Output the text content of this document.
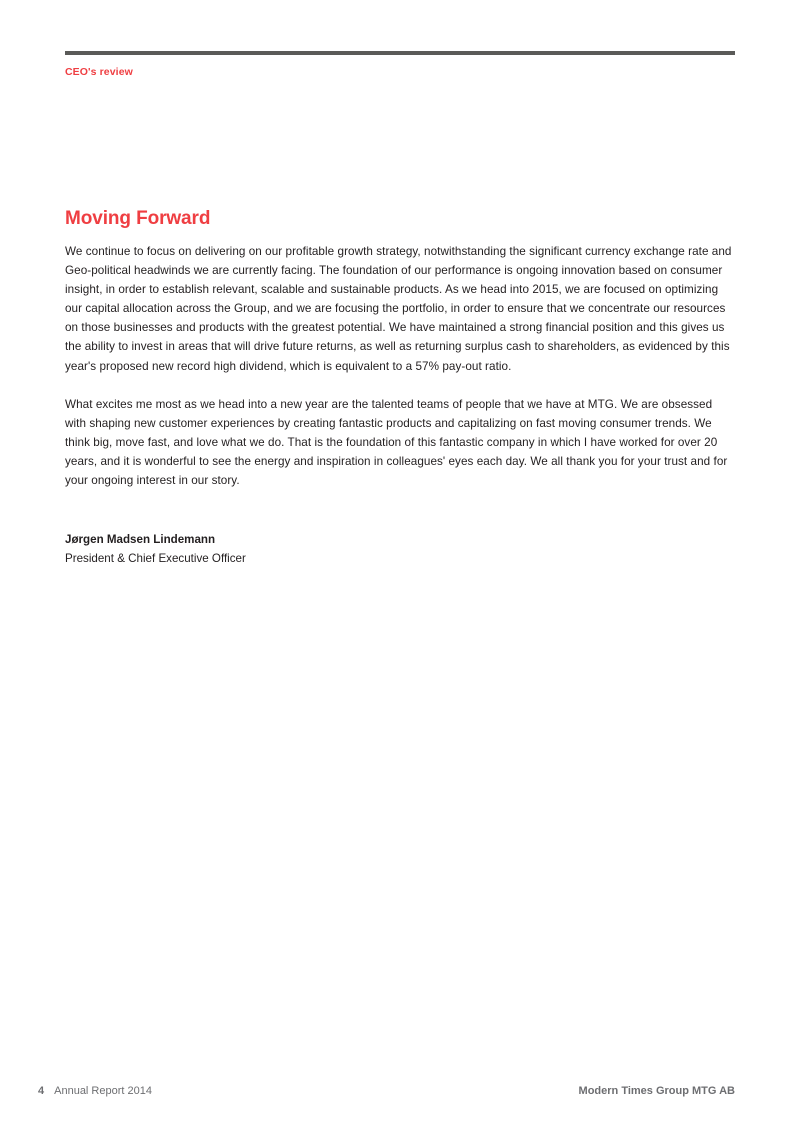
CEO's review
Moving Forward

We continue to focus on delivering on our profitable growth strategy, notwithstanding the significant currency exchange rate and Geo-political headwinds we are currently facing. The foundation of our performance is ongoing innovation based on consumer insight, in order to establish relevant, scalable and sustainable products. As we head into 2015, we are focused on optimizing our capital allocation across the Group, and we are focusing the portfolio, in order to ensure that we concentrate our resources on those businesses and products with the greatest potential. We have maintained a strong financial position and this gives us the ability to invest in areas that will drive future returns, as well as returning surplus cash to shareholders, as evidenced by this year's proposed new record high dividend, which is equivalent to a 57% pay-out ratio.

What excites me most as we head into a new year are the talented teams of people that we have at MTG. We are obsessed with shaping new customer experiences by creating fantastic products and capitalizing on fast moving consumer trends. We think big, move fast, and love what we do. That is the foundation of this fantastic company in which I have worked for over 20 years, and it is wonderful to see the energy and inspiration in colleagues' eyes each day. We all thank you for your trust and for your ongoing interest in our story.

Jørgen Madsen Lindemann
President & Chief Executive Officer
4 Annual Report 2014	Modern Times Group MTG AB
